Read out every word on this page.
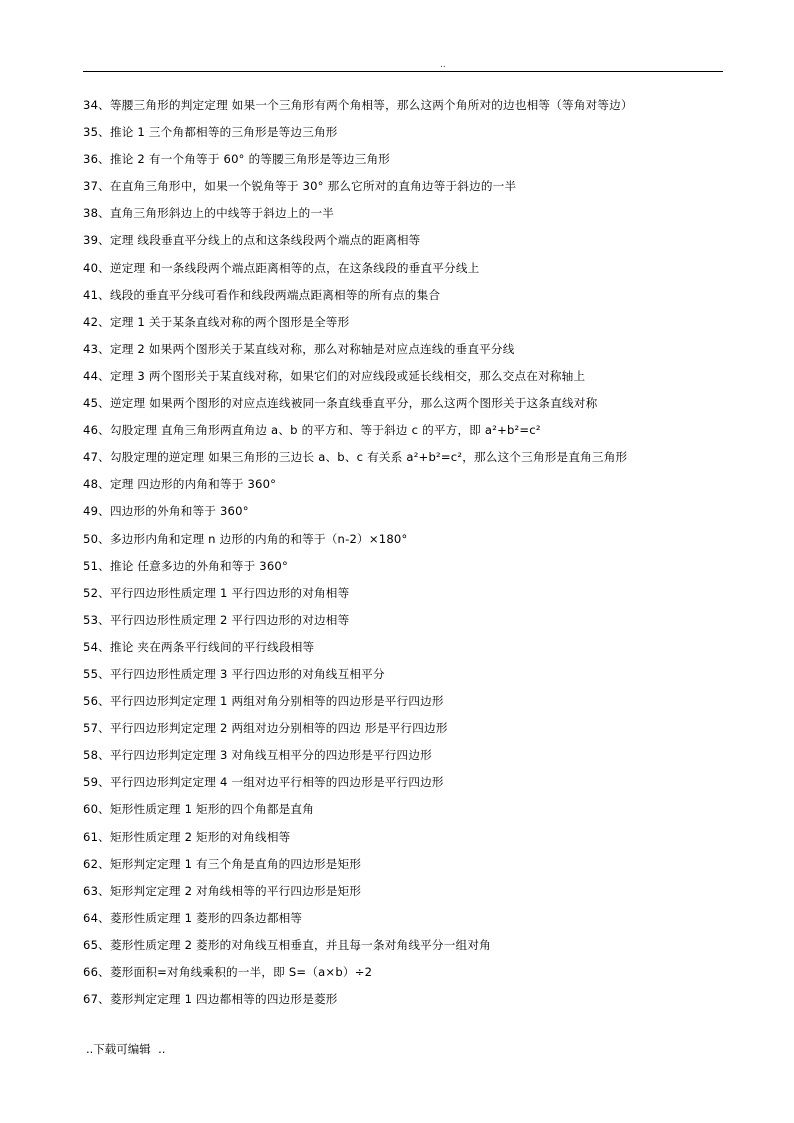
..
34、等腰三角形的判定定理 如果一个三角形有两个角相等，那么这两个角所对的边也相等（等角对等边）
35、推论 1 三个角都相等的三角形是等边三角形
36、推论 2 有一个角等于 60° 的等腰三角形是等边三角形
37、在直角三角形中，如果一个锐角等于 30° 那么它所对的直角边等于斜边的一半
38、直角三角形斜边上的中线等于斜边上的一半
39、定理 线段垂直平分线上的点和这条线段两个端点的距离相等
40、逆定理 和一条线段两个端点距离相等的点，在这条线段的垂直平分线上
41、线段的垂直平分线可看作和线段两端点距离相等的所有点的集合
42、定理 1 关于某条直线对称的两个图形是全等形
43、定理 2 如果两个图形关于某直线对称，那么对称轴是对应点连线的垂直平分线
44、定理 3 两个图形关于某直线对称，如果它们的对应线段或延长线相交，那么交点在对称轴上
45、逆定理 如果两个图形的对应点连线被同一条直线垂直平分，那么这两个图形关于这条直线对称
46、勾股定理 直角三角形两直角边 a、b 的平方和、等于斜边 c 的平方，即 a²+b²=c²
47、勾股定理的逆定理 如果三角形的三边长 a、b、c 有关系 a²+b²=c²，那么这个三角形是直角三角形
48、定理 四边形的内角和等于 360°
49、四边形的外角和等于 360°
50、多边形内角和定理 n 边形的内角的和等于（n-2）×180°
51、推论 任意多边的外角和等于 360°
52、平行四边形性质定理 1 平行四边形的对角相等
53、平行四边形性质定理 2 平行四边形的对边相等
54、推论 夹在两条平行线间的平行线段相等
55、平行四边形性质定理 3 平行四边形的对角线互相平分
56、平行四边形判定定理 1 两组对角分别相等的四边形是平行四边形
57、平行四边形判定定理 2 两组对边分别相等的四边 形是平行四边形
58、平行四边形判定定理 3 对角线互相平分的四边形是平行四边形
59、平行四边形判定定理 4 一组对边平行相等的四边形是平行四边形
60、矩形性质定理 1 矩形的四个角都是直角
61、矩形性质定理 2 矩形的对角线相等
62、矩形判定定理 1 有三个角是直角的四边形是矩形
63、矩形判定定理 2 对角线相等的平行四边形是矩形
64、菱形性质定理 1 菱形的四条边都相等
65、菱形性质定理 2 菱形的对角线互相垂直，并且每一条对角线平分一组对角
66、菱形面积=对角线乘积的一半，即 S=（a×b）÷2
67、菱形判定定理 1 四边都相等的四边形是菱形
..下载可编辑  ..
